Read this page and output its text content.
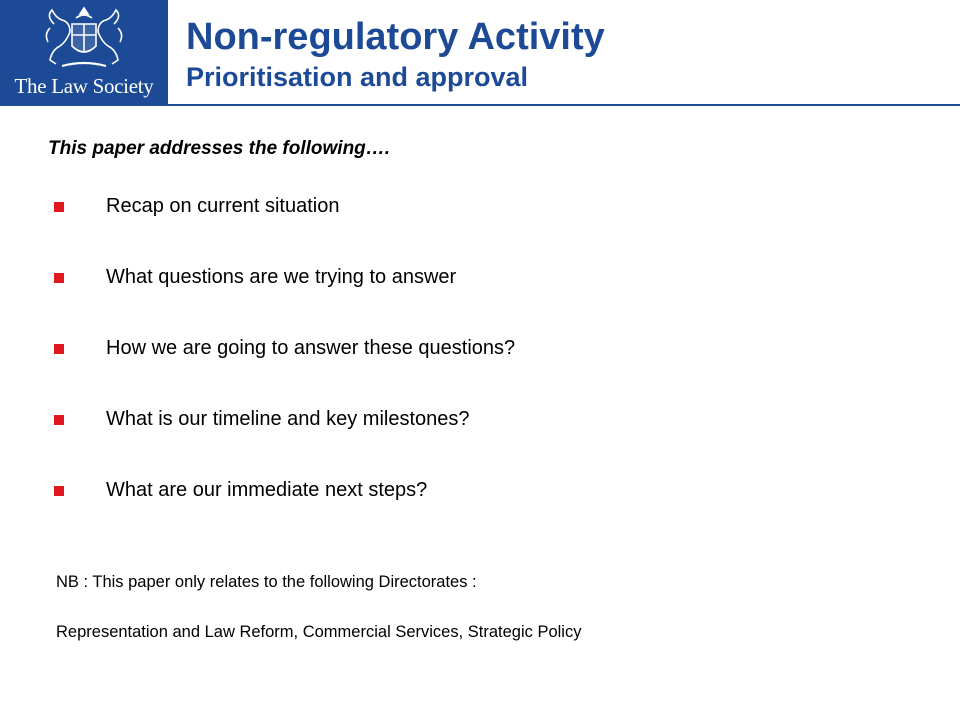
The Law Society
Non-regulatory Activity
Prioritisation and approval
This paper addresses the following….
Recap on current situation
What questions are we trying to answer
How we are going to answer these questions?
What is our timeline and key milestones?
What are our immediate next steps?
NB : This paper only relates to the following Directorates :
Representation and Law Reform, Commercial Services, Strategic Policy
